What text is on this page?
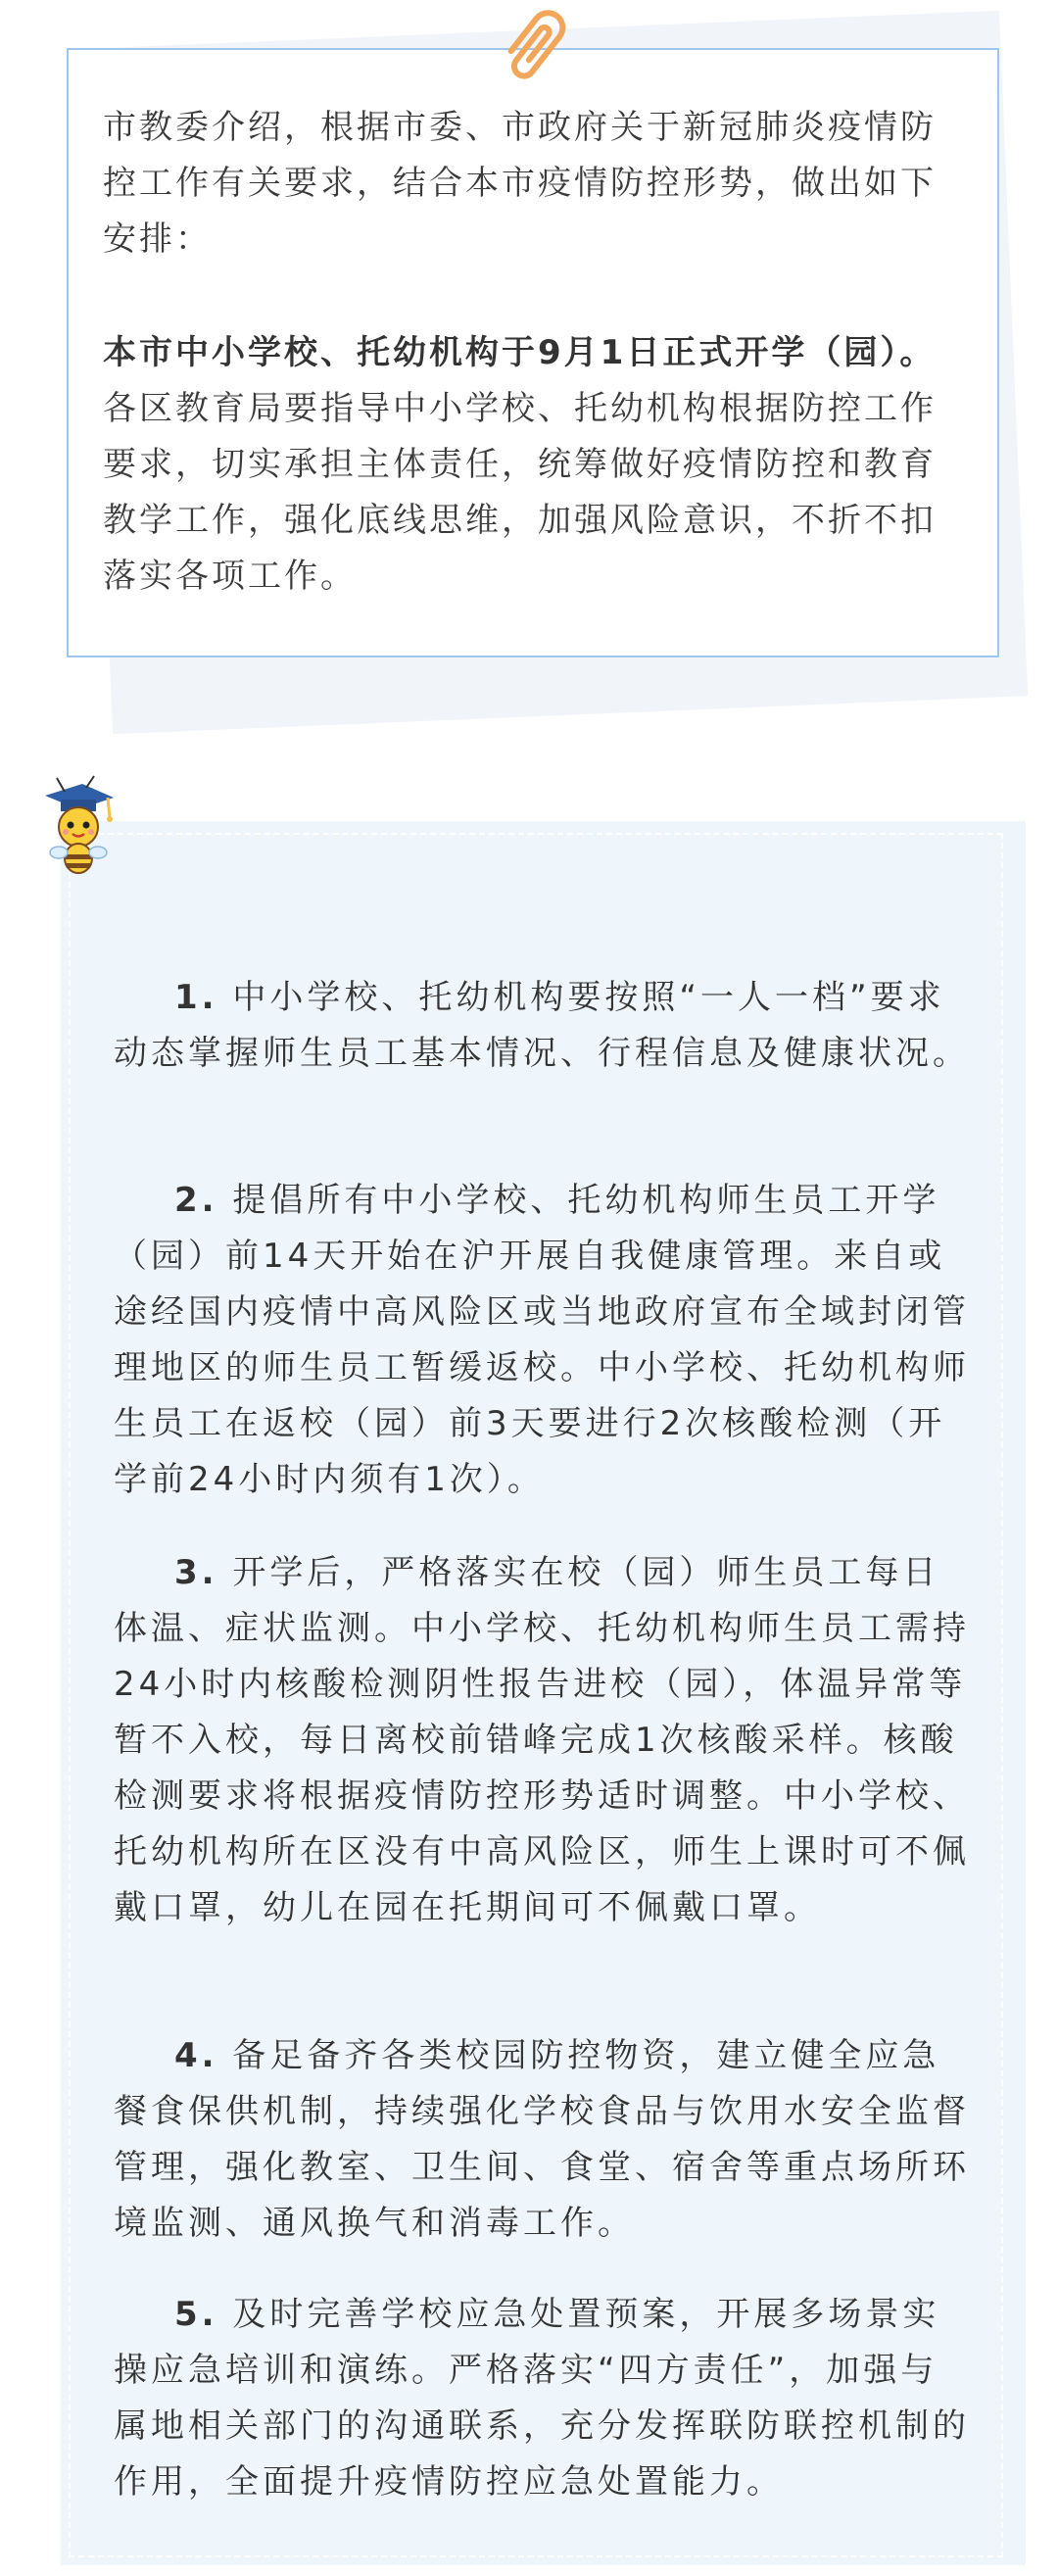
市教委介绍，根据市委、市政府关于新冠肺炎疫情防控工作有关要求，结合本市疫情防控形势，做出如下安排：

本市中小学校、托幼机构于9月1日正式开学（园）。各区教育局要指导中小学校、托幼机构根据防控工作要求，切实承担主体责任，统筹做好疫情防控和教育教学工作，强化底线思维，加强风险意识，不折不扣落实各项工作。

1. 中小学校、托幼机构要按照“一人一档”要求动态掌握师生员工基本情况、行程信息及健康状况。

2. 提倡所有中小学校、托幼机构师生员工开学（园）前14天开始在沪开展自我健康管理。来自或途经国内疫情中高风险区或当地政府宣布全域封闭管理地区的师生员工暂缓返校。中小学校、托幼机构师生员工在返校（园）前3天要进行2次核酸检测（开学前24小时内须有1次）。

3. 开学后，严格落实在校（园）师生员工每日体温、症状监测。中小学校、托幼机构师生员工需持24小时内核酸检测阴性报告进校（园），体温异常等暂不入校，每日离校前错峰完成1次核酸采样。核酸检测要求将根据疫情防控形势适时调整。中小学校、托幼机构所在区没有中高风险区，师生上课时可不佩戴口罩，幼儿在园在托期间可不佩戴口罩。

4. 备足备齐各类校园防控物资，建立健全应急餐食保供机制，持续强化学校食品与饮用水安全监督管理，强化教室、卫生间、食堂、宿舍等重点场所环境监测、通风换气和消毒工作。

5. 及时完善学校应急处置预案，开展多场景实操应急培训和演练。严格落实“四方责任”，加强与属地相关部门的沟通联系，充分发挥联防联控机制的作用，全面提升疫情防控应急处置能力。
